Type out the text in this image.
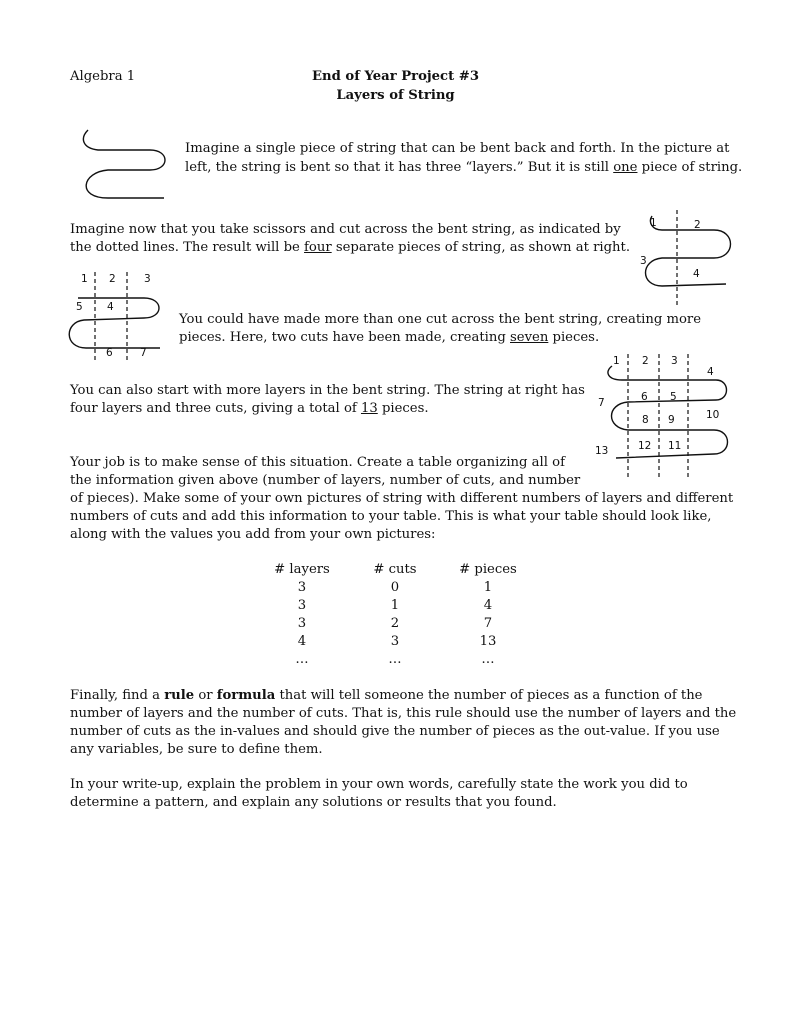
Algebra 1	End of Year Project #3
Layers of String
Imagine a single piece of string that can be bent back and forth. In the picture at
left, the string is bent so that it has three “layers.” But it is still one piece of string.
Imagine now that you take scissors and cut across the bent string, as indicated by
the dotted lines. The result will be four separate pieces of string, as shown at right.
1	2
3
4
1 2	3
5 4
6	7
You could have made more than one cut across the bent string, creating more
pieces. Here, two cuts have been made, creating seven pieces.
1 2 3
4
7	6 5
8 9	10
13	12 11
You can also start with more layers in the bent string. The string at right has
four layers and three cuts, giving a total of 13 pieces.
Your job is to make sense of this situation. Create a table organizing all of
the information given above (number of layers, number of cuts, and number
of pieces). Make some of your own pictures of string with different numbers of layers and different
numbers of cuts and add this information to your table. This is what your table should look like,
along with the values you add from your own pictures:
# layers	# cuts	# pieces
3	0	1
3	1	4
3	2	7
4	3	13
…	…	…
Finally, find a rule or formula that will tell someone the number of pieces as a function of the
number of layers and the number of cuts. That is, this rule should use the number of layers and the
number of cuts as the in-values and should give the number of pieces as the out-value. If you use
any variables, be sure to define them.
In your write-up, explain the problem in your own words, carefully state the work you did to
determine a pattern, and explain any solutions or results that you found.
